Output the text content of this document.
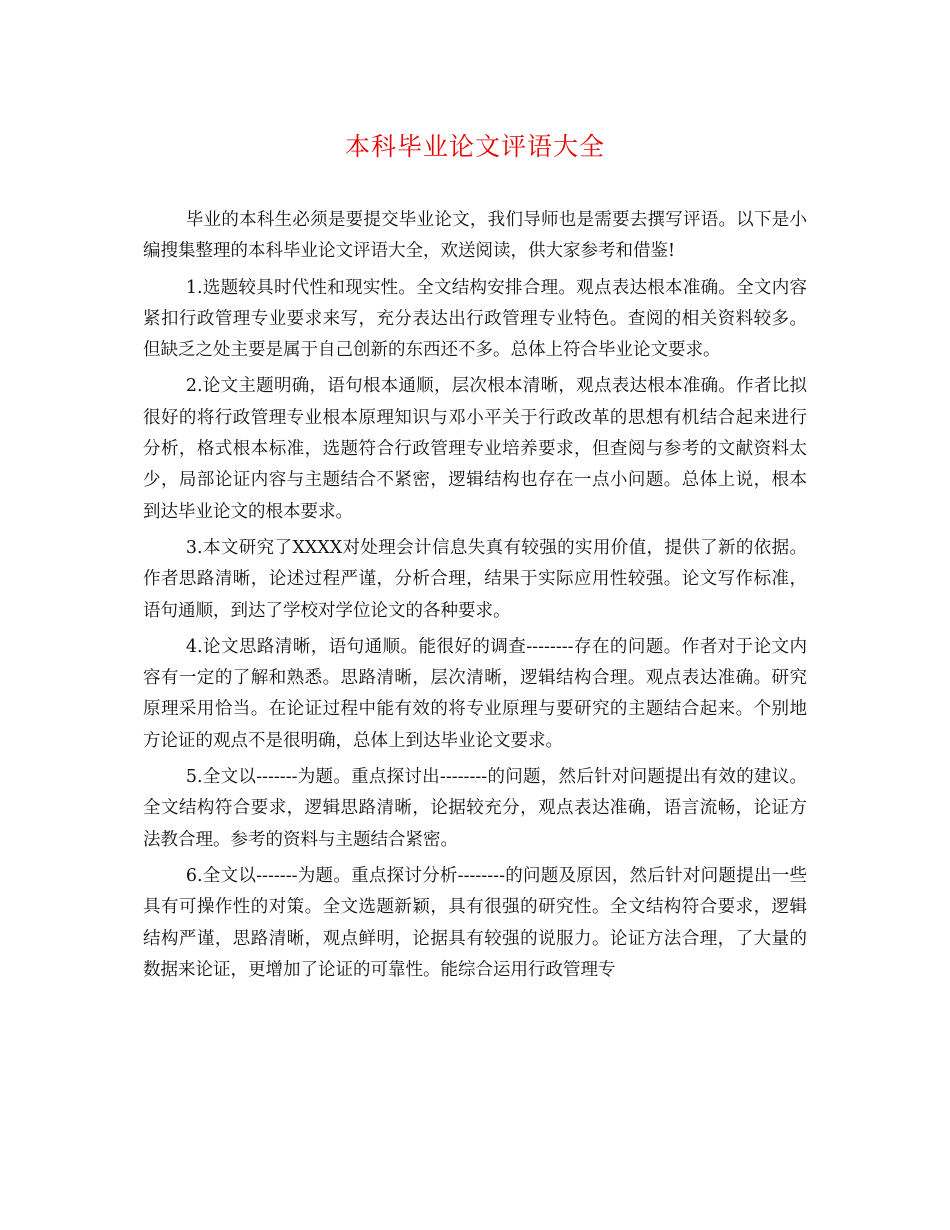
本科毕业论文评语大全

毕业的本科生必须是要提交毕业论文，我们导师也是需要去撰写评语。以下是小编搜集整理的本科毕业论文评语大全，欢送阅读，供大家参考和借鉴!

1.选题较具时代性和现实性。全文结构安排合理。观点表达根本准确。全文内容紧扣行政管理专业要求来写，充分表达出行政管理专业特色。查阅的相关资料较多。但缺乏之处主要是属于自己创新的东西还不多。总体上符合毕业论文要求。

2.论文主题明确，语句根本通顺，层次根本清晰，观点表达根本准确。作者比拟很好的将行政管理专业根本原理知识与邓小平关于行政改革的思想有机结合起来进行分析，格式根本标准，选题符合行政管理专业培养要求，但查阅与参考的文献资料太少，局部论证内容与主题结合不紧密，逻辑结构也存在一点小问题。总体上说，根本到达毕业论文的根本要求。

3.本文研究了XXXX对处理会计信息失真有较强的实用价值，提供了新的依据。作者思路清晰，论述过程严谨，分析合理，结果于实际应用性较强。论文写作标准，语句通顺，到达了学校对学位论文的各种要求。

4.论文思路清晰，语句通顺。能很好的调查--------存在的问题。作者对于论文内容有一定的了解和熟悉。思路清晰，层次清晰，逻辑结构合理。观点表达准确。研究原理采用恰当。在论证过程中能有效的将专业原理与要研究的主题结合起来。个别地方论证的观点不是很明确，总体上到达毕业论文要求。

5.全文以-------为题。重点探讨出--------的问题，然后针对问题提出有效的建议。全文结构符合要求，逻辑思路清晰，论据较充分，观点表达准确，语言流畅，论证方法教合理。参考的资料与主题结合紧密。

6.全文以-------为题。重点探讨分析--------的问题及原因，然后针对问题提出一些具有可操作性的对策。全文选题新颖，具有很强的研究性。全文结构符合要求，逻辑结构严谨，思路清晰，观点鲜明，论据具有较强的说服力。论证方法合理，了大量的数据来论证，更增加了论证的可靠性。能综合运用行政管理专
